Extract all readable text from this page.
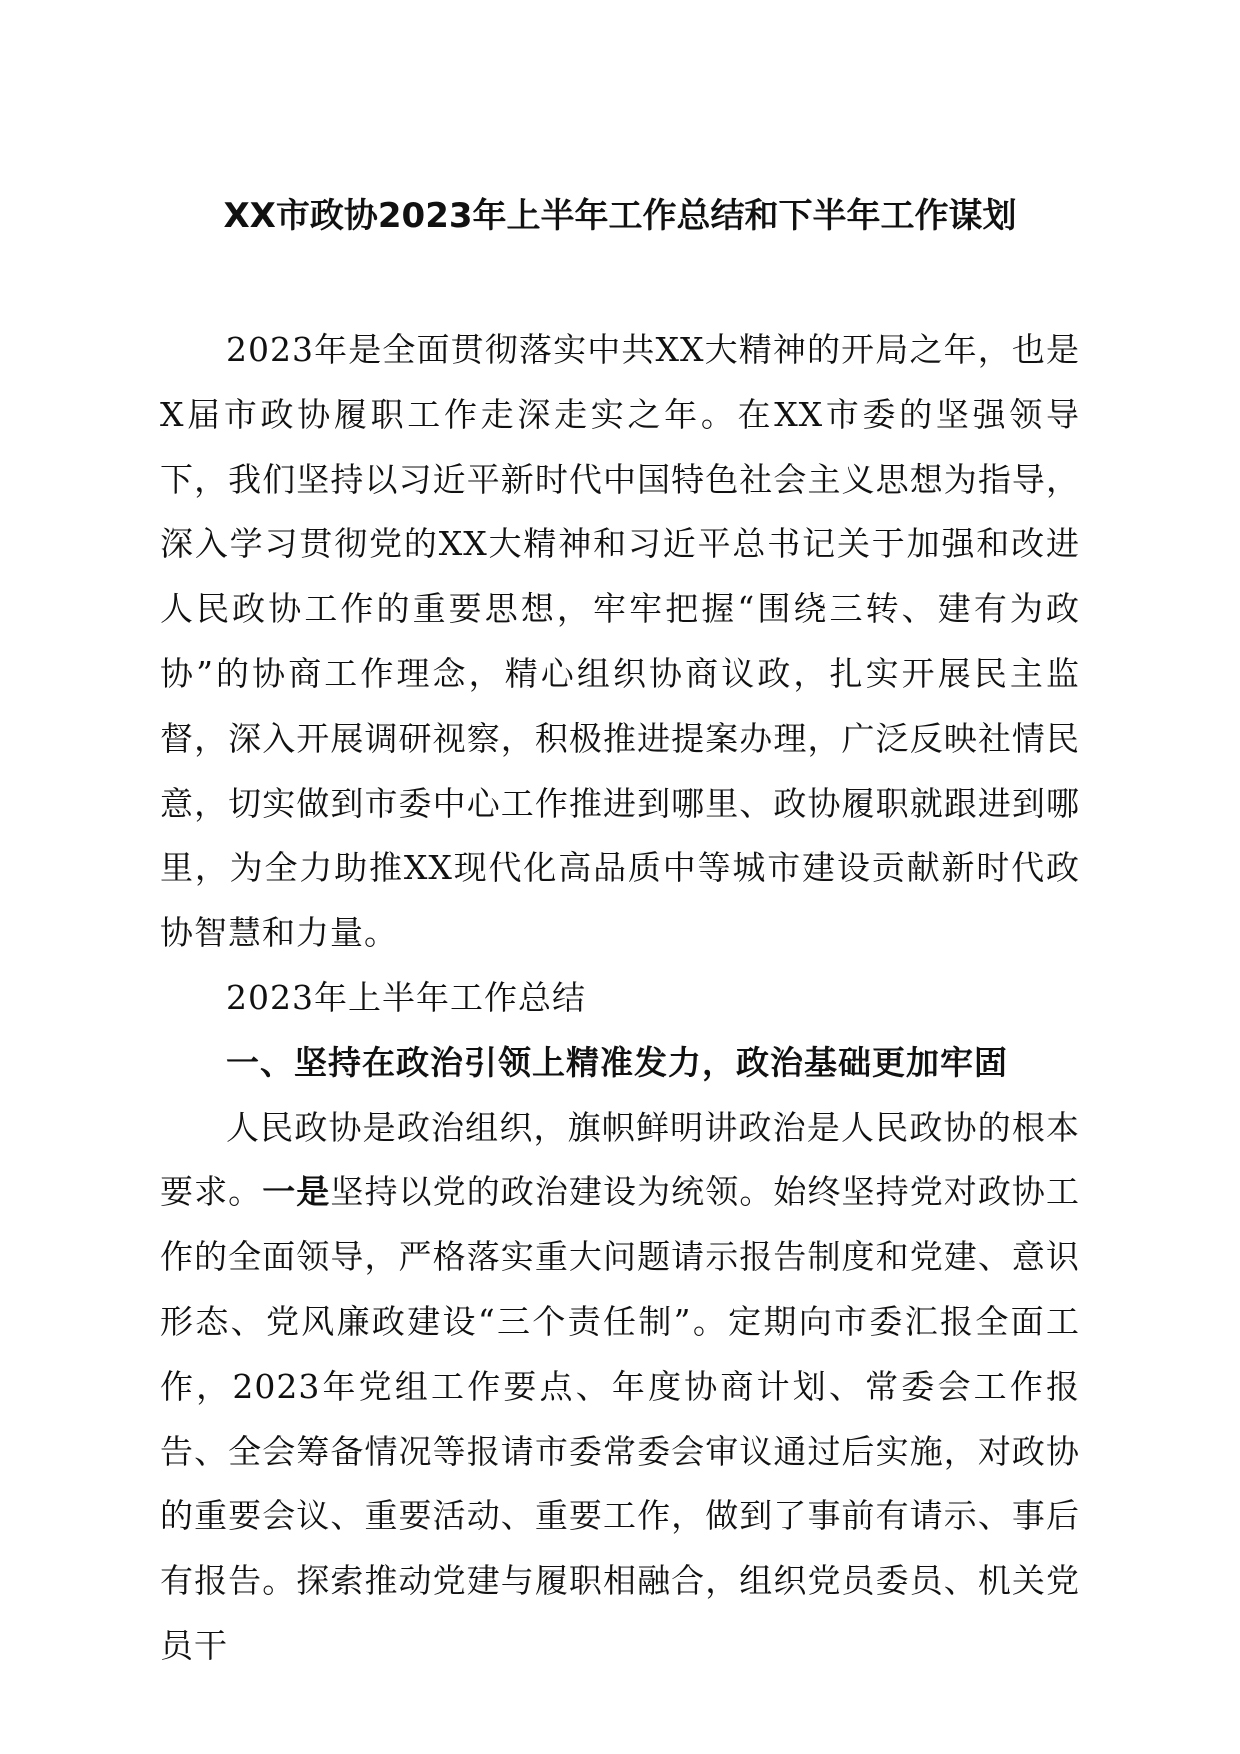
XX市政协2023年上半年工作总结和下半年工作谋划

2023年是全面贯彻落实中共XX大精神的开局之年，也是X届市政协履职工作走深走实之年。在XX市委的坚强领导下，我们坚持以习近平新时代中国特色社会主义思想为指导，深入学习贯彻党的XX大精神和习近平总书记关于加强和改进人民政协工作的重要思想，牢牢把握“围绕三转、建有为政协”的协商工作理念，精心组织协商议政，扎实开展民主监督，深入开展调研视察，积极推进提案办理，广泛反映社情民意，切实做到市委中心工作推进到哪里、政协履职就跟进到哪里，为全力助推XX现代化高品质中等城市建设贡献新时代政协智慧和力量。

2023年上半年工作总结

一、坚持在政治引领上精准发力，政治基础更加牢固

人民政协是政治组织，旗帜鲜明讲政治是人民政协的根本要求。一是坚持以党的政治建设为统领。始终坚持党对政协工作的全面领导，严格落实重大问题请示报告制度和党建、意识形态、党风廉政建设“三个责任制”。定期向市委汇报全面工作，2023年党组工作要点、年度协商计划、常委会工作报告、全会筹备情况等报请市委常委会审议通过后实施，对政协的重要会议、重要活动、重要工作，做到了事前有请示、事后有报告。探索推动党建与履职相融合，组织党员委员、机关党员干
